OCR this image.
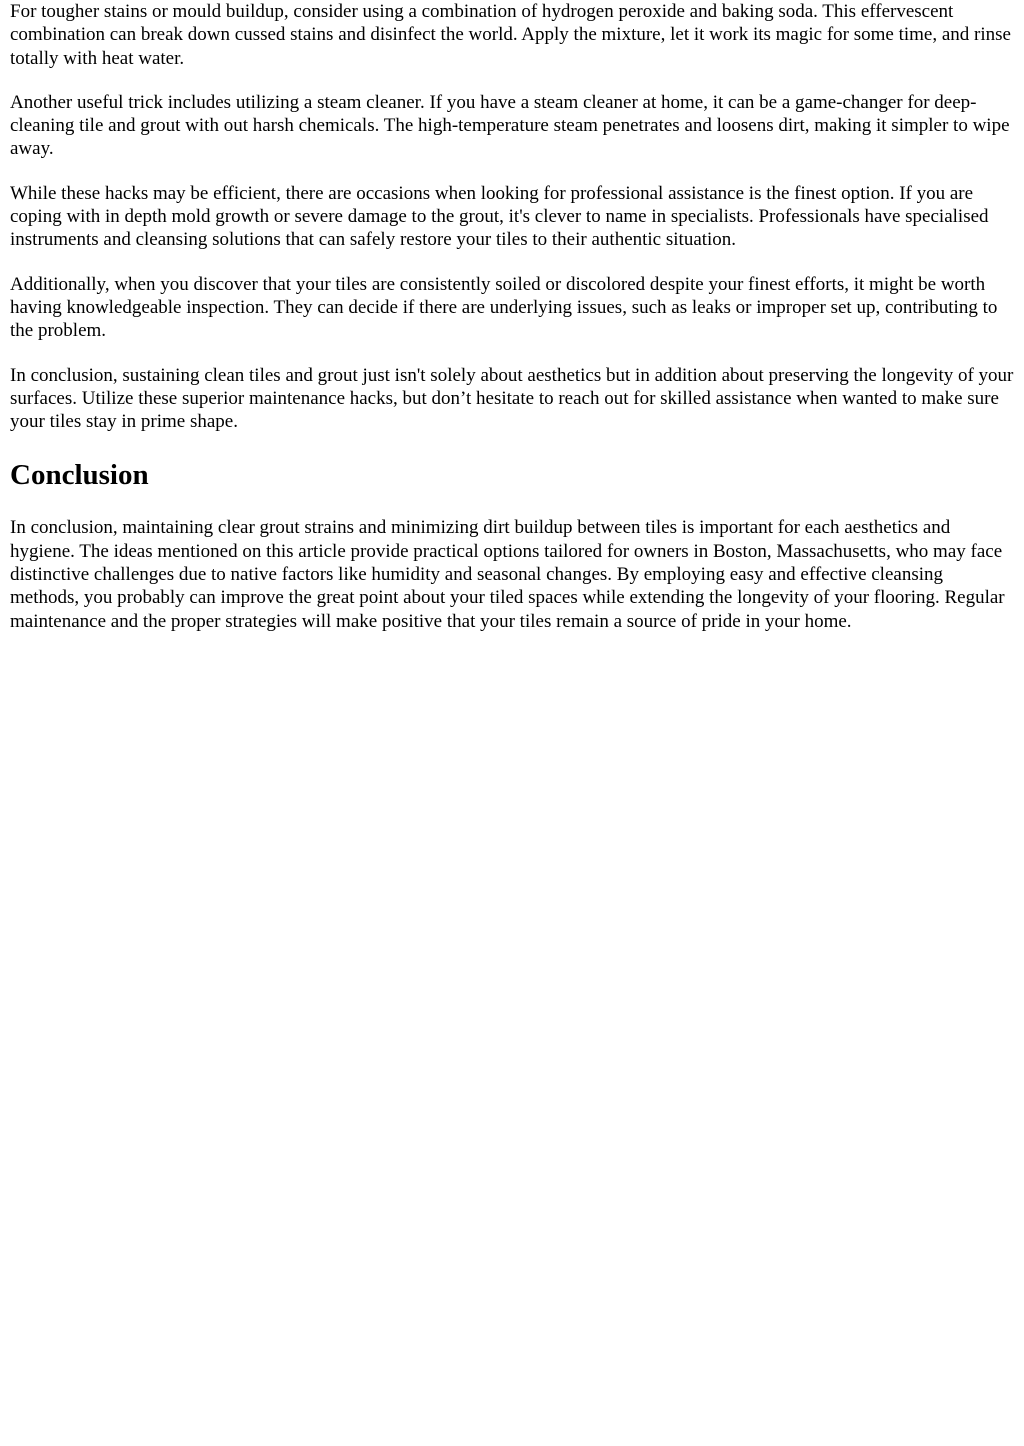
For tougher stains or mould buildup, consider using a combination of hydrogen peroxide and baking soda. This effervescent combination can break down cussed stains and disinfect the world. Apply the mixture, let it work its magic for some time, and rinse totally with heat water.

Another useful trick includes utilizing a steam cleaner. If you have a steam cleaner at home, it can be a game-changer for deep-cleaning tile and grout with out harsh chemicals. The high-temperature steam penetrates and loosens dirt, making it simpler to wipe away.

While these hacks may be efficient, there are occasions when looking for professional assistance is the finest option. If you are coping with in depth mold growth or severe damage to the grout, it's clever to name in specialists. Professionals have specialised instruments and cleansing solutions that can safely restore your tiles to their authentic situation.

Additionally, when you discover that your tiles are consistently soiled or discolored despite your finest efforts, it might be worth having knowledgeable inspection. They can decide if there are underlying issues, such as leaks or improper set up, contributing to the problem.

In conclusion, sustaining clean tiles and grout just isn't solely about aesthetics but in addition about preserving the longevity of your surfaces. Utilize these superior maintenance hacks, but don’t hesitate to reach out for skilled assistance when wanted to make sure your tiles stay in prime shape.

Conclusion

In conclusion, maintaining clear grout strains and minimizing dirt buildup between tiles is important for each aesthetics and hygiene. The ideas mentioned on this article provide practical options tailored for owners in Boston, Massachusetts, who may face distinctive challenges due to native factors like humidity and seasonal changes. By employing easy and effective cleansing methods, you probably can improve the great point about your tiled spaces while extending the longevity of your flooring. Regular maintenance and the proper strategies will make positive that your tiles remain a source of pride in your home.
